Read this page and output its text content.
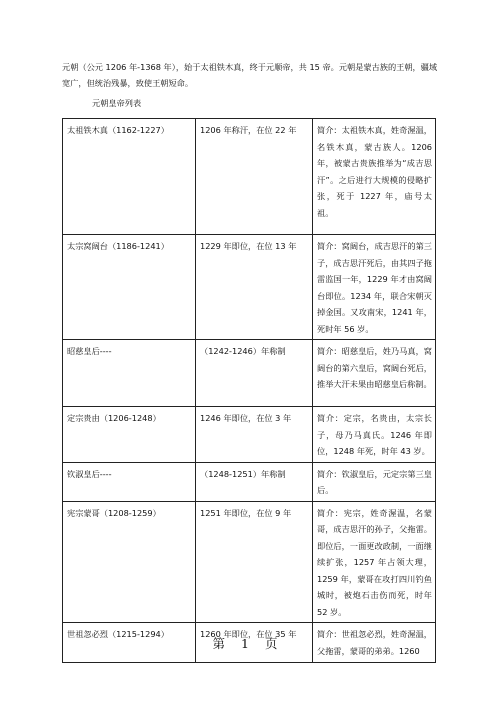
元朝（公元 1206 年-1368 年），始于太祖铁木真，终于元顺帝，共 15 帝。元朝是蒙古族的王朝，疆域宽广，但统治残暴，致使王朝短命。

元朝皇帝列表

太祖铁木真（1162-1227）	1206 年称汗，在位 22 年	简介：太祖铁木真，姓奇渥温，名铁木真，蒙古族人。1206年，被蒙古贵族推举为“成吉思汗”。之后进行大规模的侵略扩张，死于 1227 年，庙号太祖。
太宗窝阔台（1186-1241）	1229 年即位，在位 13 年	简介：窝阔台，成吉思汗的第三子，成吉思汗死后，由其四子拖雷监国一年，1229 年才由窝阔台即位。1234 年，联合宋朝灭掉金国。又攻南宋，1241 年，死时年 56 岁。
昭慈皇后----	（1242-1246）年称制	简介：昭慈皇后，姓乃马真，窝阔台的第六皇后，窝阔台死后，推举大汗未果由昭慈皇后称制。
定宗贵由（1206-1248）	1246 年即位，在位 3 年	简介：定宗，名贵由，太宗长子，母乃马真氏。1246 年即位，1248 年死，时年 43 岁。
钦淑皇后----	（1248-1251）年称制	简介：钦淑皇后，元定宗第三皇后。
宪宗蒙哥（1208-1259）	1251 年即位，在位 9 年	简介：宪宗，姓奇渥温，名蒙哥，成吉思汗的孙子，父拖雷。即位后，一面更改政制，一面继续扩张，1257 年占领大理，1259 年，蒙哥在攻打四川钓鱼城时，被炮石击伤而死，时年 52 岁。
世祖忽必烈（1215-1294）	1260 年即位，在位 35 年	简介：世祖忽必烈，姓奇渥温，父拖雷，蒙哥的弟弟。1260
第 1 页
